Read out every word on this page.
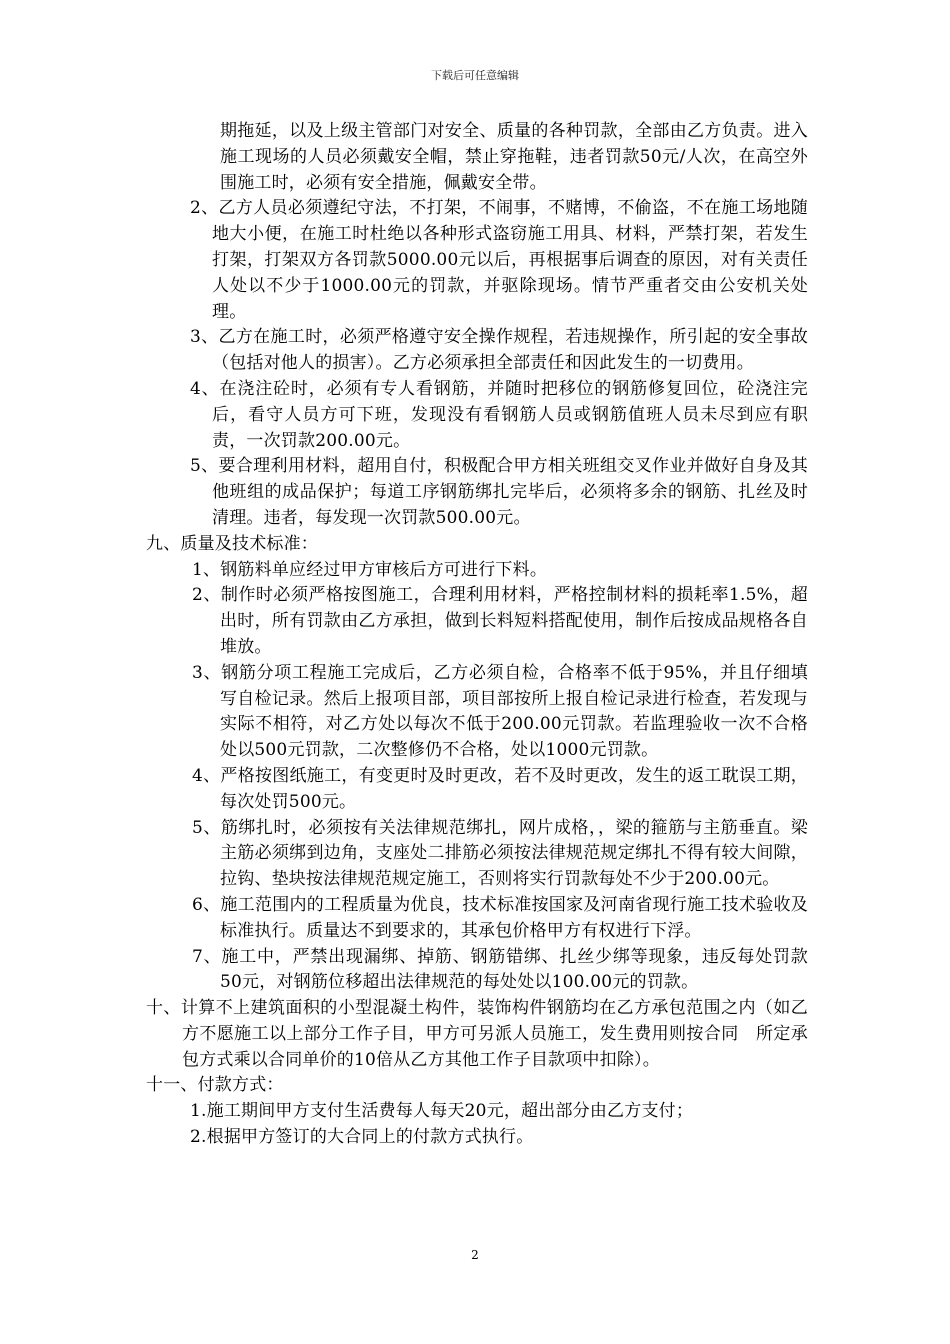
下载后可任意编辑

期拖延，以及上级主管部门对安全、质量的各种罚款，全部由乙方负责。进入施工现场的人员必须戴安全帽，禁止穿拖鞋，违者罚款50元/人次，在高空外围施工时，必须有安全措施，佩戴安全带。

2、乙方人员必须遵纪守法，不打架，不闹事，不赌博，不偷盗，不在施工场地随地大小便，在施工时杜绝以各种形式盗窃施工用具、材料，严禁打架，若发生打架，打架双方各罚款5000.00元以后，再根据事后调查的原因，对有关责任人处以不少于1000.00元的罚款，并驱除现场。情节严重者交由公安机关处理。

3、乙方在施工时，必须严格遵守安全操作规程，若违规操作，所引起的安全事故（包括对他人的损害）。乙方必须承担全部责任和因此发生的一切费用。

4、在浇注砼时，必须有专人看钢筋，并随时把移位的钢筋修复回位，砼浇注完后，看守人员方可下班，发现没有看钢筋人员或钢筋值班人员未尽到应有职责，一次罚款200.00元。

5、要合理利用材料，超用自付，积极配合甲方相关班组交叉作业并做好自身及其他班组的成品保护；每道工序钢筋绑扎完毕后，必须将多余的钢筋、扎丝及时清理。违者，每发现一次罚款500.00元。

九、质量及技术标准：

1、钢筋料单应经过甲方审核后方可进行下料。

2、制作时必须严格按图施工，合理利用材料，严格控制材料的损耗率1.5%，超出时，所有罚款由乙方承担，做到长料短料搭配使用，制作后按成品规格各自堆放。

3、钢筋分项工程施工完成后，乙方必须自检，合格率不低于95%，并且仔细填写自检记录。然后上报项目部，项目部按所上报自检记录进行检查，若发现与实际不相符，对乙方处以每次不低于200.00元罚款。若监理验收一次不合格处以500元罚款，二次整修仍不合格，处以1000元罚款。

4、严格按图纸施工，有变更时及时更改，若不及时更改，发生的返工耽误工期，每次处罚500元。

5、筋绑扎时，必须按有关法律规范绑扎，网片成格，，梁的箍筋与主筋垂直。梁主筋必须绑到边角，支座处二排筋必须按法律规范规定绑扎不得有较大间隙，拉钩、垫块按法律规范规定施工，否则将实行罚款每处不少于200.00元。

6、施工范围内的工程质量为优良，技术标准按国家及河南省现行施工技术验收及标准执行。质量达不到要求的，其承包价格甲方有权进行下浮。

7、施工中，严禁出现漏绑、掉筋、钢筋错绑、扎丝少绑等现象，违反每处罚款50元，对钢筋位移超出法律规范的每处处以100.00元的罚款。

十、计算不上建筑面积的小型混凝土构件，装饰构件钢筋均在乙方承包范围之内（如乙方不愿施工以上部分工作子目，甲方可另派人员施工，发生费用则按合同　所定承包方式乘以合同单价的10倍从乙方其他工作子目款项中扣除）。

十一、付款方式：

1.施工期间甲方支付生活费每人每天20元，超出部分由乙方支付；

2.根据甲方签订的大合同上的付款方式执行。

2
